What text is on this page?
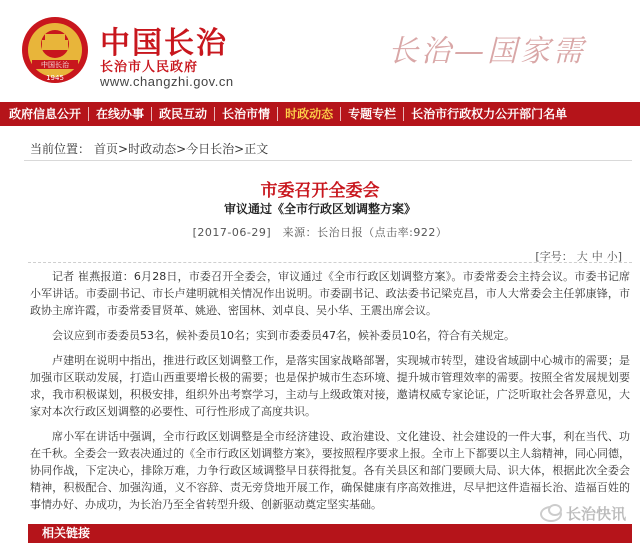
中国长治
1945
中国长治
长治市人民政府
www.changzhi.gov.cn
长治—国家需
政府信息公开	在线办事	政民互动	长治市情	时政动态	专题专栏	长治市行政权力公开部门名单
当前位置： 首页 >时政动态 >今日长治 >正文
市委召开全委会
审议通过《全市行政区划调整方案》
[2017-06-29]　来源：长治日报（点击率:922）
[字号： 大 中 小]

记者 崔燕报道：6月28日，市委召开全委会，审议通过《全市行政区划调整方案》。市委常委会主持会议。市委书记席小军讲话。市委副书记、市长卢建明就相关情况作出说明。市委副书记、政法委书记梁克昌，市人大常委会主任郭康锋，市政协主席许霞，市委常委冒贤革、姚逊、密国林、刘卓良、吴小华、王震出席会议。

会议应到市委委员53名，候补委员10名；实到市委委员47名，候补委员10名，符合有关规定。

卢建明在说明中指出，推进行政区划调整工作，是落实国家战略部署，实现城市转型，建设省域副中心城市的需要；是加强市区联动发展，打造山西重要增长极的需要；也是保护城市生态环境、提升城市管理效率的需要。按照全省发展规划要求，我市积极谋划，积极安排，组织外出考察学习，主动与上级政策对接，邀请权威专家论证，广泛听取社会各界意见，大家对本次行政区划调整的必要性、可行性形成了高度共识。

席小军在讲话中强调，全市行政区划调整是全市经济建设、政治建设、文化建设、社会建设的一件大事，利在当代、功在千秋。全委会一致表决通过的《全市行政区划调整方案》，要按照程序要求上报。全市上下都要以主人翁精神，同心同德，协同作战，下定决心，排除万难，力争行政区域调整早日获得批复。各有关县区和部门要顾大局、识大体，根据此次全委会精神，积极配合、加强沟通，义不容辞、责无旁贷地开展工作，确保健康有序高效推进，尽早把这件造福长治、造福百姓的事情办好、办成功，为长治乃至全省转型升级、创新驱动奠定坚实基础。

长治快讯
相关链接
